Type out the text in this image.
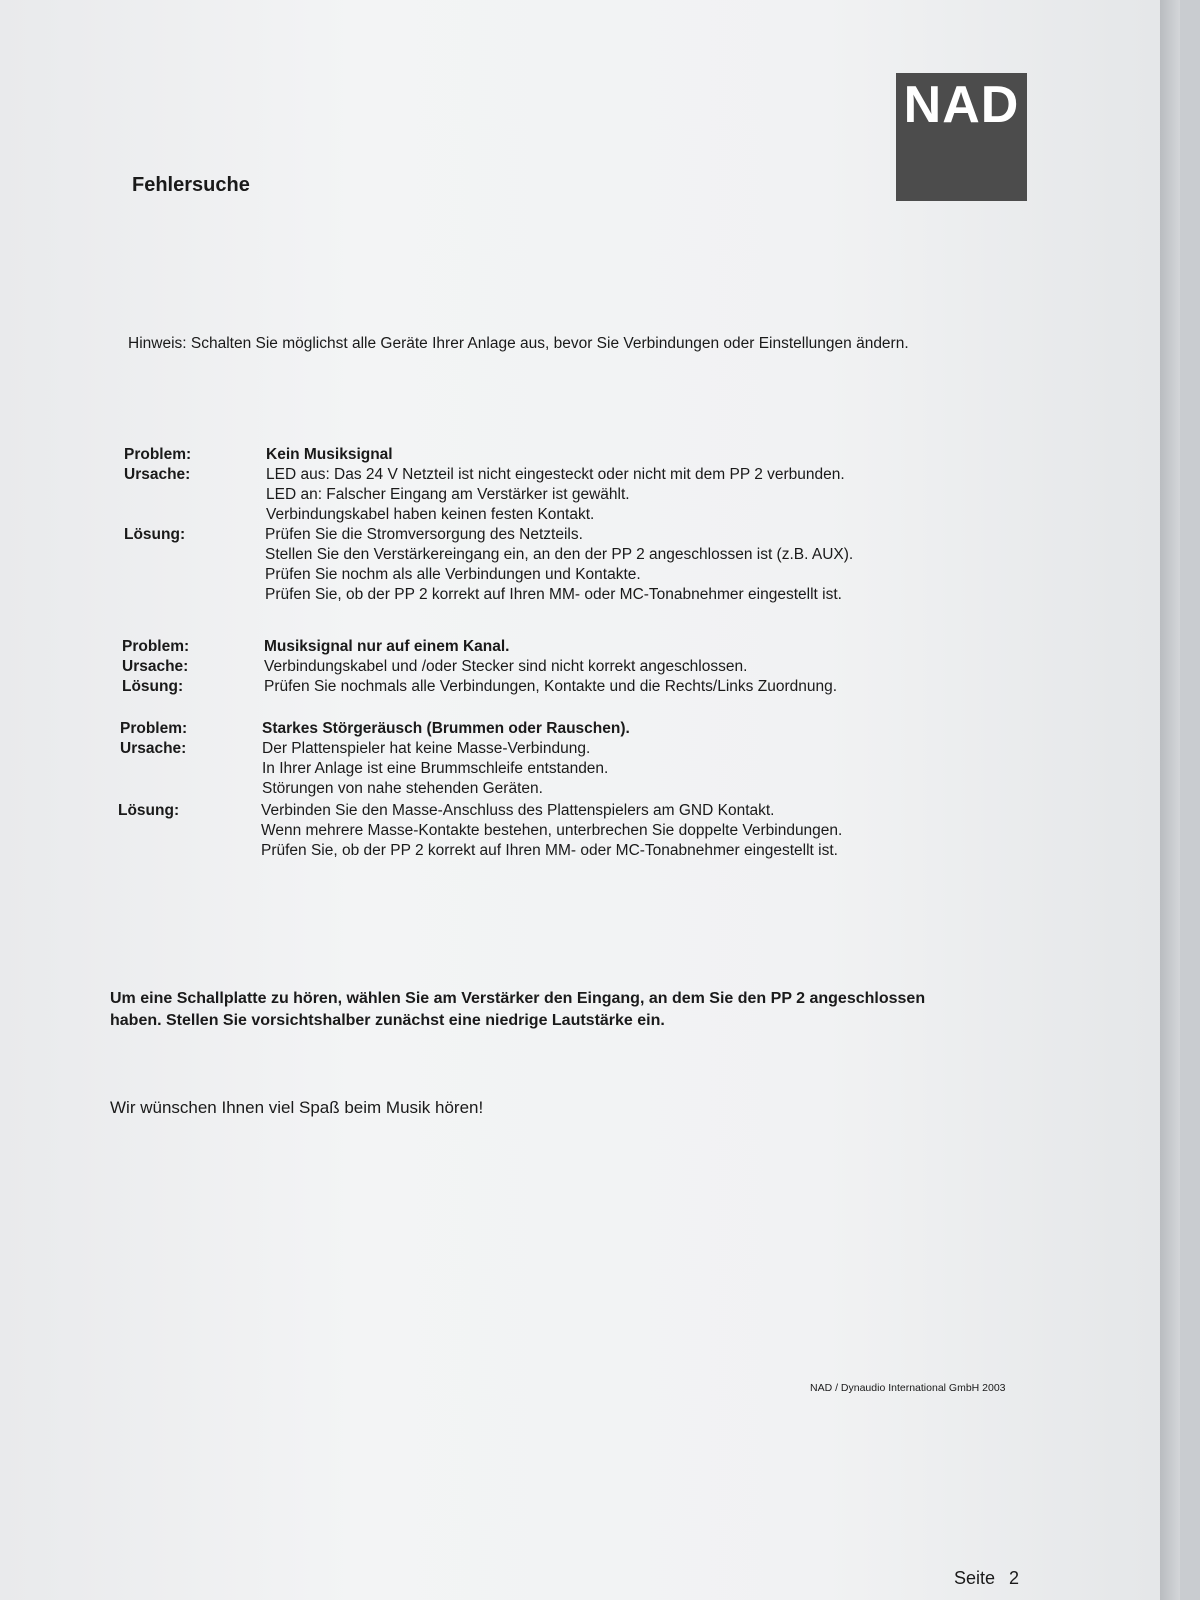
NAD
Fehlersuche
Hinweis: Schalten Sie möglichst alle Geräte Ihrer Anlage aus, bevor Sie Verbindungen oder Einstellungen ändern.
Problem:	Kein Musiksignal
Ursache:	LED aus: Das 24 V Netzteil ist nicht eingesteckt oder nicht mit dem PP 2 verbunden.
LED an: Falscher Eingang am Verstärker ist gewählt.
Verbindungskabel haben keinen festen Kontakt.
Lösung:	Prüfen Sie die Stromversorgung des Netzteils.
Stellen Sie den Verstärkereingang ein, an den der PP 2 angeschlossen ist (z.B. AUX).
Prüfen Sie nochm als alle Verbindungen und Kontakte.
Prüfen Sie, ob der PP 2 korrekt auf Ihren MM- oder MC-Tonabnehmer eingestellt ist.
Problem:	Musiksignal nur auf einem Kanal.
Ursache:	Verbindungskabel und /oder Stecker sind nicht korrekt angeschlossen.
Lösung:	Prüfen Sie nochmals alle Verbindungen, Kontakte und die Rechts/Links Zuordnung.
Problem:	Starkes Störgeräusch (Brummen oder Rauschen).
Ursache:	Der Plattenspieler hat keine Masse-Verbindung.
In Ihrer Anlage ist eine Brummschleife entstanden.
Störungen von nahe stehenden Geräten.
Lösung:	Verbinden Sie den Masse-Anschluss des Plattenspielers am GND Kontakt.
Wenn mehrere Masse-Kontakte bestehen, unterbrechen Sie doppelte Verbindungen.
Prüfen Sie, ob der PP 2 korrekt auf Ihren MM- oder MC-Tonabnehmer eingestellt ist.
Um eine Schallplatte zu hören, wählen Sie am Verstärker den Eingang, an dem Sie den PP 2 angeschlossen haben. Stellen Sie vorsichtshalber zunächst eine niedrige Lautstärke ein.
Wir wünschen Ihnen viel Spaß beim Musik hören!
NAD / Dynaudio International GmbH 2003
Seite 2
